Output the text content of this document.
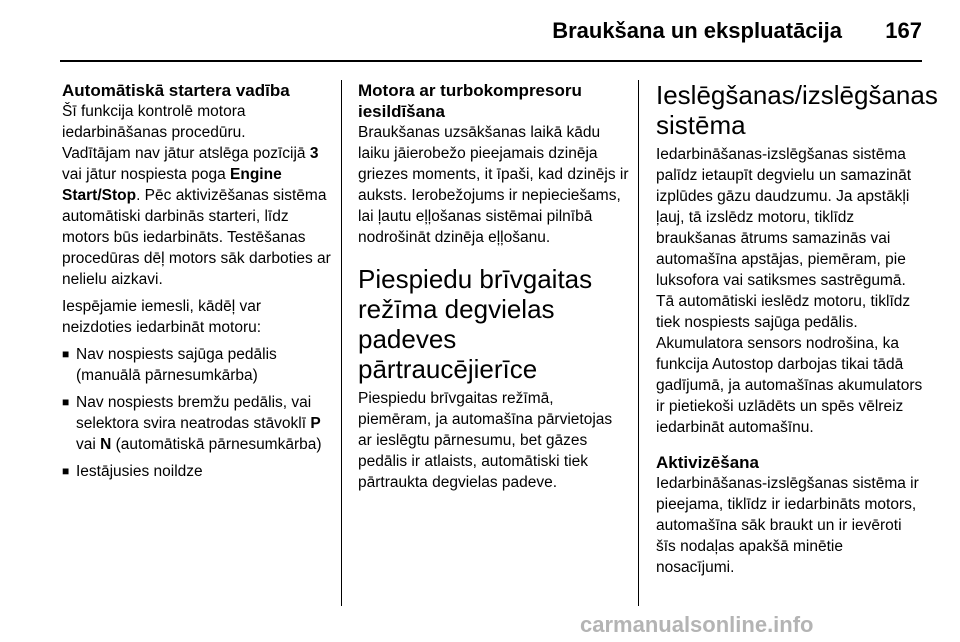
Braukšana un ekspluatācija 167
Automātiskā startera vadība

Šī funkcija kontrolē motora iedarbināšanas procedūru.

Vadītājam nav jātur atslēga pozīcijā 3 vai jātur nospiesta poga Engine Start/Stop. Pēc aktivizēšanas sistēma automātiski darbinās starteri, līdz motors būs iedarbināts. Testēšanas procedūras dēļ motors sāk darboties ar nelielu aizkavi.

Iespējamie iemesli, kādēļ var neizdoties iedarbināt motoru:

■ Nav nospiests sajūga pedālis (manuālā pārnesumkārba)
■ Nav nospiests bremžu pedālis, vai selektora svira neatrodas stāvoklī P vai N (automātiskā pārnesumkārba)
■ Iestājusies noildze
Motora ar turbokompresoru iesildīšana

Braukšanas uzsākšanas laikā kādu laiku jāierobežo pieejamais dzinēja griezes moments, it īpaši, kad dzinējs ir auksts. Ierobežojums ir nepieciešams, lai ļautu eļļošanas sistēmai pilnībā nodrošināt dzinēja eļļošanu.

Piespiedu brīvgaitas režīma degvielas padeves pārtraucējierīce

Piespiedu brīvgaitas režīmā, piemēram, ja automašīna pārvietojas ar ieslēgtu pārnesumu, bet gāzes pedālis ir atlaists, automātiski tiek pārtraukta degvielas padeve.

Ieslēgšanas/izslēgšanas sistēma

Iedarbināšanas-izslēgšanas sistēma palīdz ietaupīt degvielu un samazināt izplūdes gāzu daudzumu. Ja apstākļi ļauj, tā izslēdz motoru, tiklīdz braukšanas ātrums samazinās vai automašīna apstājas, piemēram, pie luksofora vai satiksmes sastrēgumā. Tā automātiski ieslēdz motoru, tiklīdz tiek nospiests sajūga pedālis. Akumulatora sensors nodrošina, ka funkcija Autostop darbojas tikai tādā gadījumā, ja automašīnas akumulators ir pietiekoši uzlādēts un spēs vēlreiz iedarbināt automašīnu.

Aktivizēšana

Iedarbināšanas-izslēgšanas sistēma ir pieejama, tiklīdz ir iedarbināts motors, automašīna sāk braukt un ir ievēroti šīs nodaļas apakšā minētie nosacījumi.

carmanualsonline.info
